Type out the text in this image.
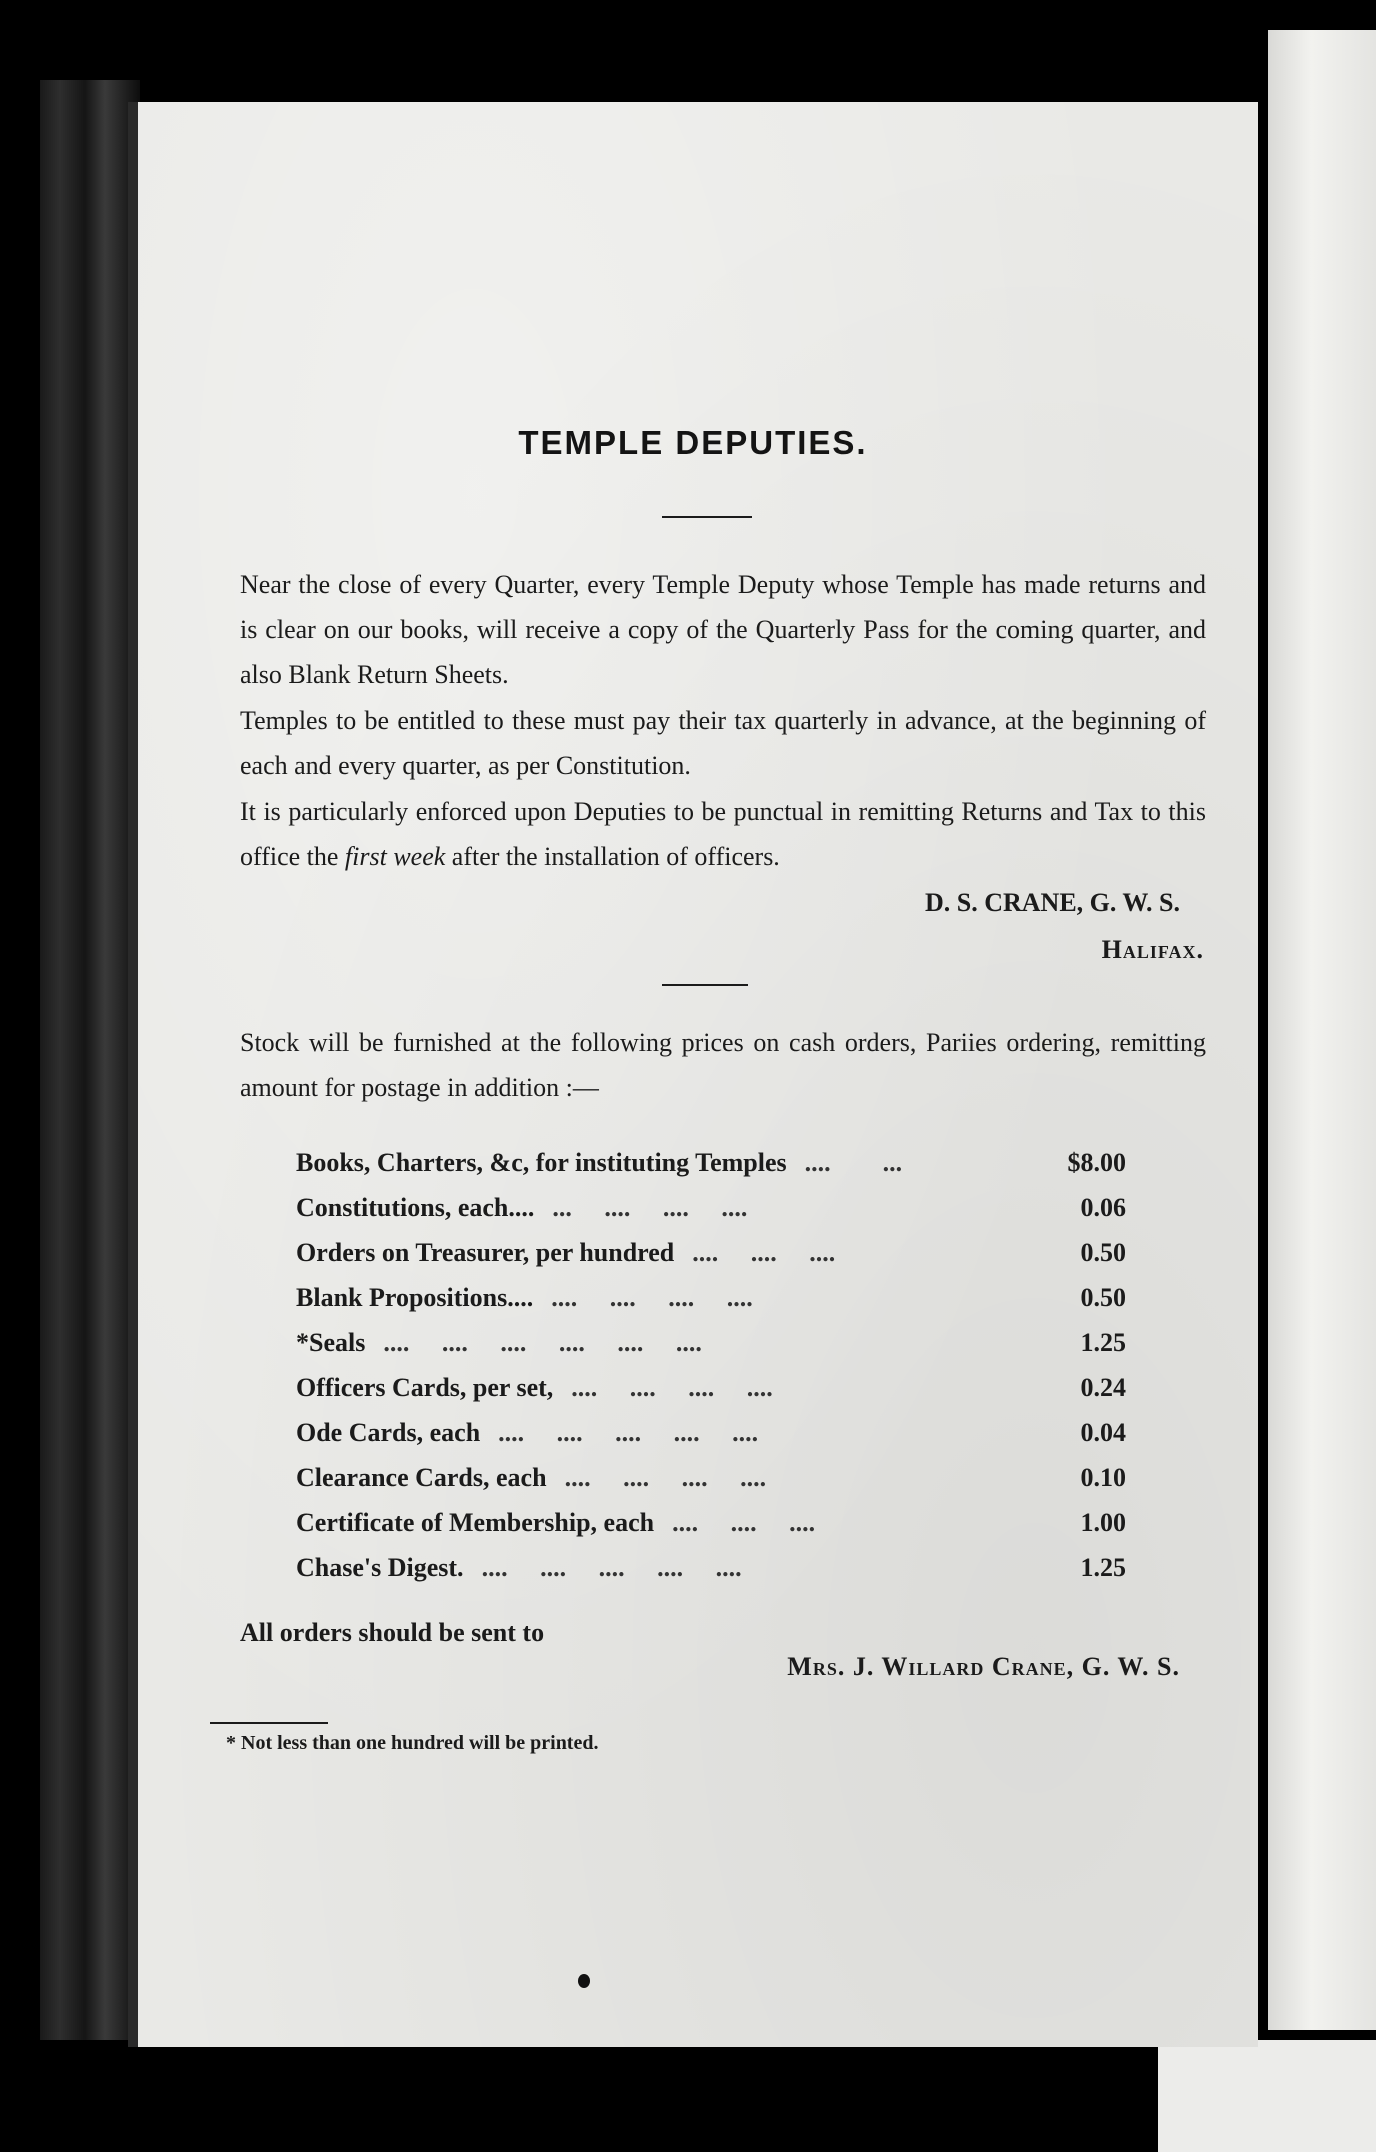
TEMPLE DEPUTIES.
Near the close of every Quarter, every Temple Deputy whose Temple has made returns and is clear on our books, will receive a copy of the Quarterly Pass for the coming quarter, and also Blank Return Sheets.
Temples to be entitled to these must pay their tax quarterly in advance, at the beginning of each and every quarter, as per Constitution.
It is particularly enforced upon Deputies to be punctual in remitting Returns and Tax to this office the first week after the installation of officers.
D. S. CRANE, G. W. S.
Halifax.
Stock will be furnished at the following prices on cash orders, Pariies ordering, remitting amount for postage in addition :—
Books, Charters, &c, for instituting Temples ....        ...	$8.00
Constitutions, each.... ...     ....     ....     ....	0.06
Orders on Treasurer, per hundred ....     ....     ....	0.50
Blank Propositions.... ....     ....     ....     ....	0.50
*Seals ....     ....     ....     ....     ....     ....	1.25
Officers Cards, per set, ....     ....     ....     ....	0.24
Ode Cards, each ....     ....     ....     ....     ....	0.04
Clearance Cards, each ....     ....     ....     ....	0.10
Certificate of Membership, each ....     ....     ....	1.00
Chase's Digest. ....     ....     ....     ....     ....	1.25
All orders should be sent to
Mrs. J. Willard Crane, G. W. S.
* Not less than one hundred will be printed.
